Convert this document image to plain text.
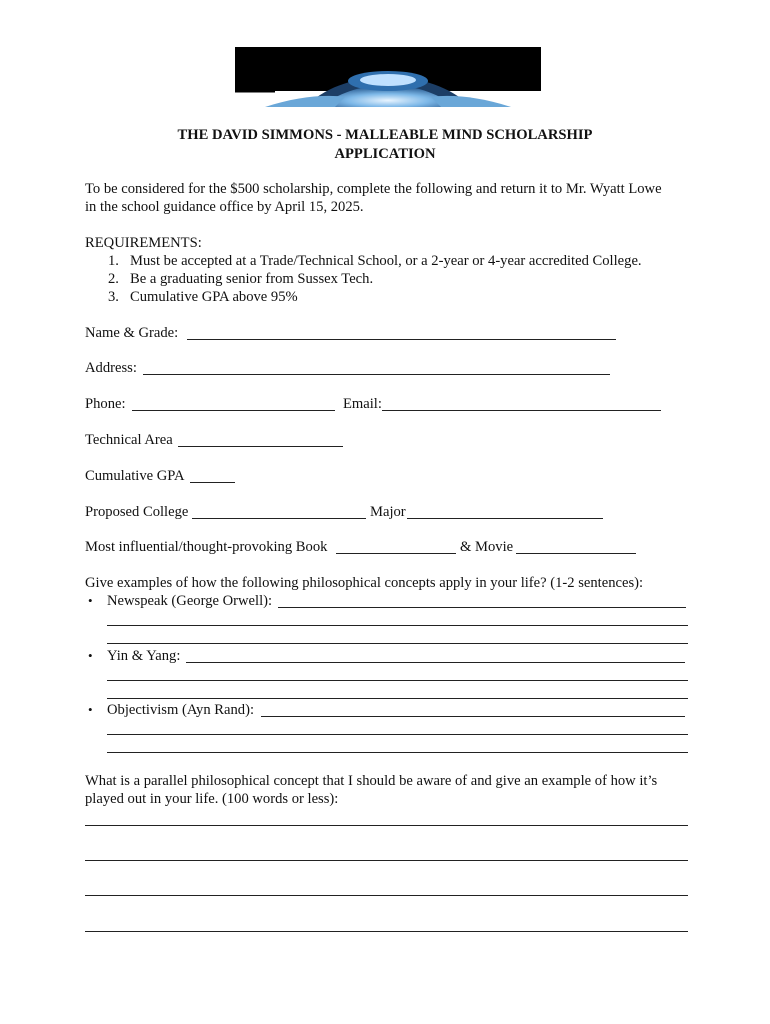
THE DAVID SIMMONS - MALLEABLE MIND SCHOLARSHIP
APPLICATION
To be considered for the $500 scholarship, complete the following and return it to Mr. Wyatt Lowe
in the school guidance office by April 15, 2025.
REQUIREMENTS:
1. Must be accepted at a Trade/Technical School, or a 2-year or 4-year accredited College.
2. Be a graduating senior from Sussex Tech.
3. Cumulative GPA above 95%
Name & Grade:
Address:
Phone:	Email:
Technical Area
Cumulative GPA
Proposed College	Major
Most influential/thought-provoking Book	& Movie
Give examples of how the following philosophical concepts apply in your life? (1-2 sentences):
• Newspeak (George Orwell):
• Yin & Yang:
• Objectivism (Ayn Rand):
What is a parallel philosophical concept that I should be aware of and give an example of how it’s
played out in your life. (100 words or less):
